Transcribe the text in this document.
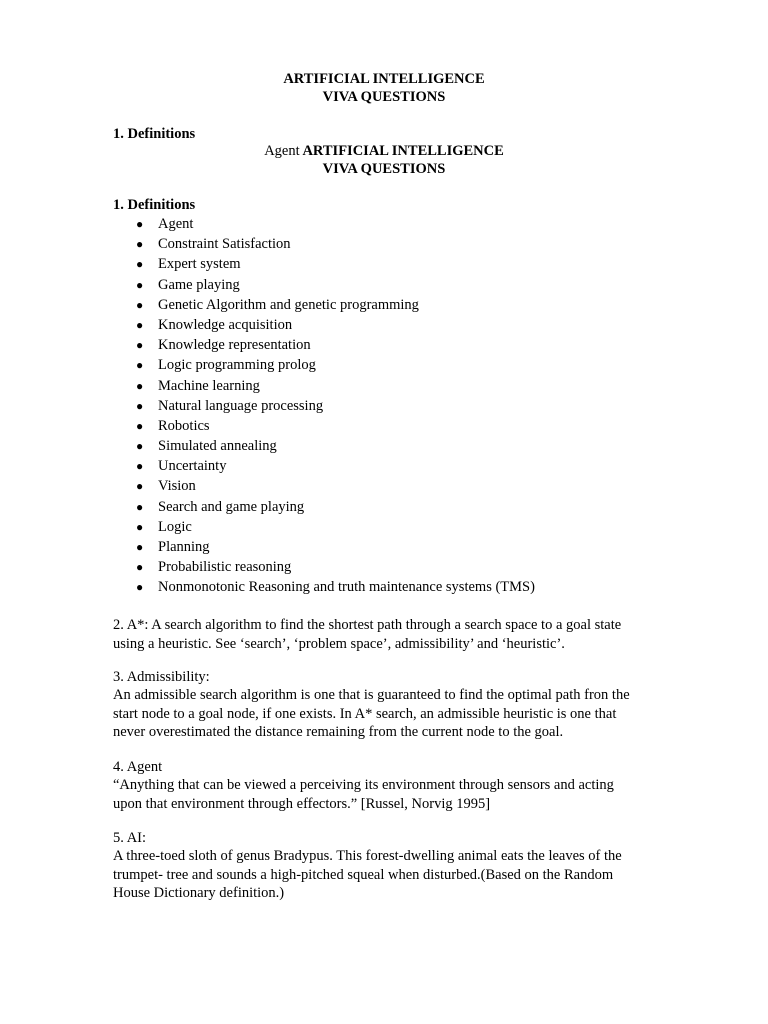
ARTIFICIAL INTELLIGENCE
VIVA QUESTIONS
1. Definitions
Agent ARTIFICIAL INTELLIGENCE
VIVA QUESTIONS
1. Definitions
● Agent
● Constraint Satisfaction
● Expert system
● Game playing
● Genetic Algorithm and genetic programming
● Knowledge acquisition
● Knowledge representation
● Logic programming prolog
● Machine learning
● Natural language processing
● Robotics
● Simulated annealing
● Uncertainty
● Vision
● Search and game playing
● Logic
● Planning
● Probabilistic reasoning
● Nonmonotonic Reasoning and truth maintenance systems (TMS)
2. A*: A search algorithm to find the shortest path through a search space to a goal state
using a heuristic. See ‘search’, ‘problem space’, admissibility’ and ‘heuristic’.
3. Admissibility:
An admissible search algorithm is one that is guaranteed to find the optimal path fron the
start node to a goal node, if one exists. In A* search, an admissible heuristic is one that
never overestimated the distance remaining from the current node to the goal.
4. Agent
“Anything that can be viewed a perceiving its environment through sensors and acting
upon that environment through effectors.” [Russel, Norvig 1995]
5. AI:
A three-toed sloth of genus Bradypus. This forest-dwelling animal eats the leaves of the
trumpet- tree and sounds a high-pitched squeal when disturbed.(Based on the Random
House Dictionary definition.)
